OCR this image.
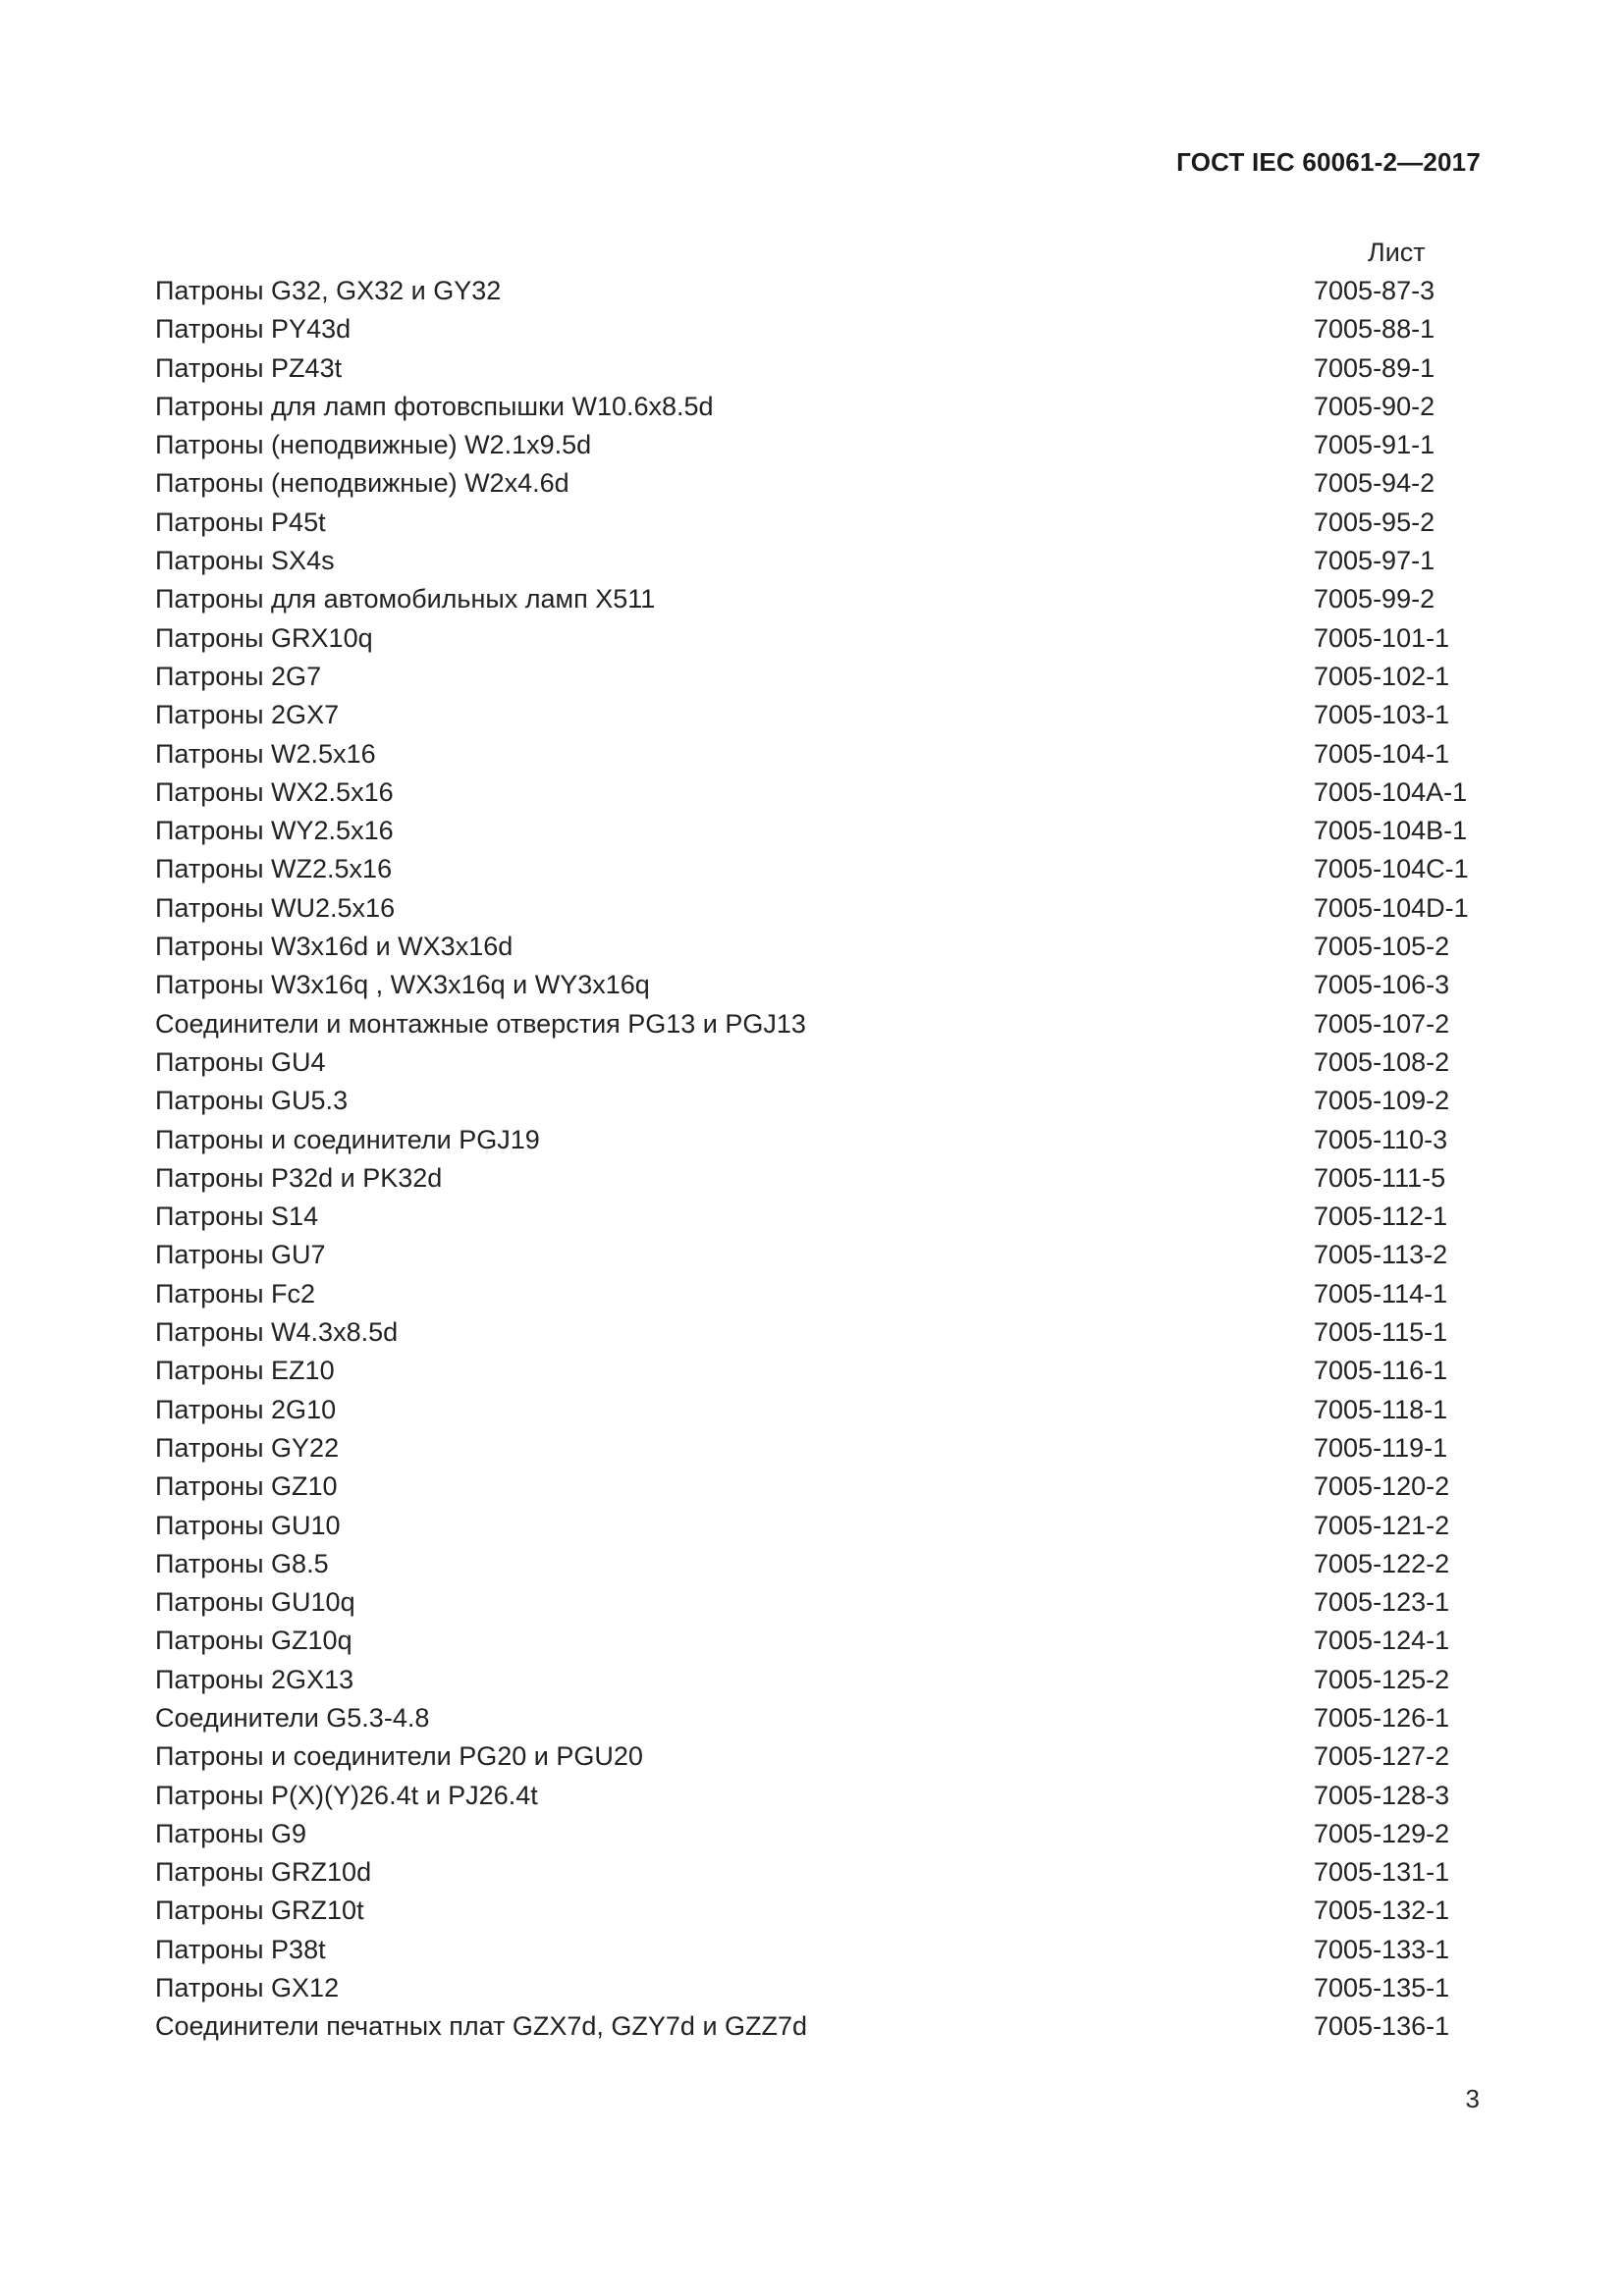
ГОСТ IEC 60061-2—2017
Лист
Патроны G32, GX32 и GY32	7005-87-3
Патроны PY43d	7005-88-1
Патроны PZ43t	7005-89-1
Патроны для ламп фотовспышки W10.6x8.5d	7005-90-2
Патроны (неподвижные) W2.1x9.5d	7005-91-1
Патроны (неподвижные) W2x4.6d	7005-94-2
Патроны P45t	7005-95-2
Патроны SX4s	7005-97-1
Патроны для автомобильных ламп X511	7005-99-2
Патроны GRX10q	7005-101-1
Патроны 2G7	7005-102-1
Патроны 2GX7	7005-103-1
Патроны W2.5x16	7005-104-1
Патроны WX2.5x16	7005-104A-1
Патроны WY2.5x16	7005-104B-1
Патроны WZ2.5x16	7005-104C-1
Патроны WU2.5x16	7005-104D-1
Патроны W3x16d и WX3x16d	7005-105-2
Патроны W3x16q , WX3x16q и WY3x16q	7005-106-3
Соединители и монтажные отверстия PG13 и PGJ13	7005-107-2
Патроны GU4	7005-108-2
Патроны GU5.3	7005-109-2
Патроны и соединители PGJ19	7005-110-3
Патроны P32d и PK32d	7005-111-5
Патроны S14	7005-112-1
Патроны GU7	7005-113-2
Патроны Fc2	7005-114-1
Патроны W4.3x8.5d	7005-115-1
Патроны EZ10	7005-116-1
Патроны 2G10	7005-118-1
Патроны GY22	7005-119-1
Патроны GZ10	7005-120-2
Патроны GU10	7005-121-2
Патроны G8.5	7005-122-2
Патроны GU10q	7005-123-1
Патроны GZ10q	7005-124-1
Патроны 2GX13	7005-125-2
Соединители G5.3-4.8	7005-126-1
Патроны и соединители PG20 и PGU20	7005-127-2
Патроны P(X)(Y)26.4t и PJ26.4t	7005-128-3
Патроны G9	7005-129-2
Патроны GRZ10d	7005-131-1
Патроны GRZ10t	7005-132-1
Патроны P38t	7005-133-1
Патроны GX12	7005-135-1
Соединители печатных плат GZX7d, GZY7d и GZZ7d	7005-136-1
3
